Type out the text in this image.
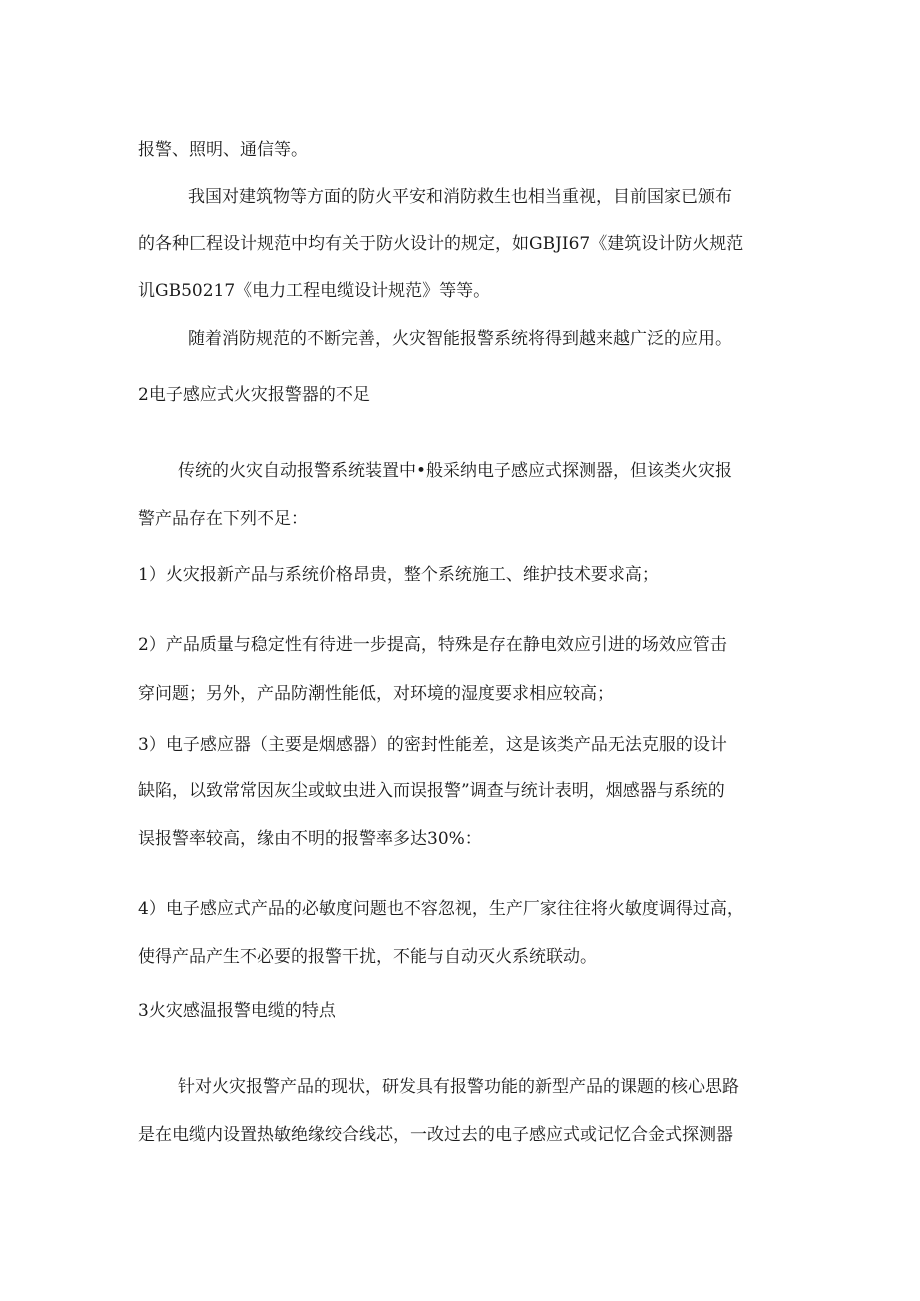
报警、照明、通信等。
我国对建筑物等方面的防火平安和消防救生也相当重视，目前国家已颁布
的各种匚程设计规范中均有关于防火设计的规定，如GBJI67《建筑设计防火规范
讥GB50217《电力工程电缆设计规范》等等。
随着消防规范的不断完善，火灾智能报警系统将得到越来越广泛的应用。
2电子感应式火灾报警器的不足
传统的火灾自动报警系统装置中•般采纳电子感应式探测器，但该类火灾报
警产品存在下列不足：
1）火灾报新产品与系统价格昂贵，整个系统施工、维护技术要求高；
2）产品质量与稳定性有待进一步提高，特殊是存在静电效应引进的场效应管击
穿问题；另外，产品防潮性能低，对环境的湿度要求相应较高；
3）电子感应器（主要是烟感器）的密封性能差，这是该类产品无法克服的设计
缺陷，以致常常因灰尘或蚊虫进入而误报警”调查与统计表明，烟感器与系统的
误报警率较高，缘由不明的报警率多达30%：
4）电子感应式产品的必敏度问题也不容忽视，生产厂家往往将火敏度调得过高，
使得产品产生不必要的报警干扰，不能与自动灭火系统联动。
3火灾感温报警电缆的特点
针对火灾报警产品的现状，研发具有报警功能的新型产品的课题的核心思路
是在电缆内设置热敏绝缘绞合线芯，一改过去的电子感应式或记忆合金式探测器
